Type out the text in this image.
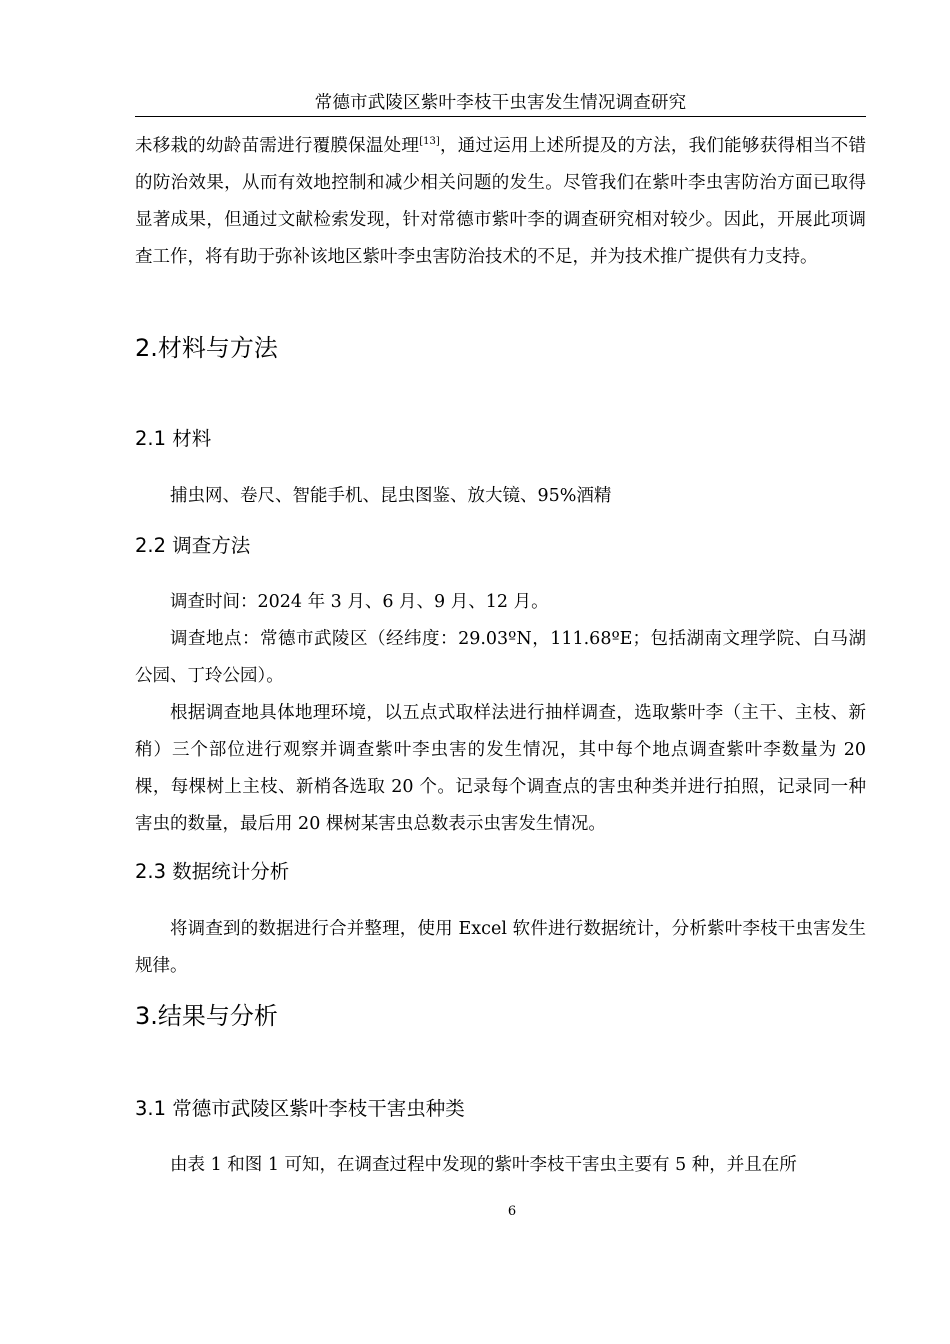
常德市武陵区紫叶李枝干虫害发生情况调查研究

未移栽的幼龄苗需进行覆膜保温处理[13]，通过运用上述所提及的方法，我们能够获得相当不错的防治效果，从而有效地控制和减少相关问题的发生。尽管我们在紫叶李虫害防治方面已取得显著成果，但通过文献检索发现，针对常德市紫叶李的调查研究相对较少。因此，开展此项调查工作，将有助于弥补该地区紫叶李虫害防治技术的不足，并为技术推广提供有力支持。

2.材料与方法
2.1 材料

捕虫网、卷尺、智能手机、昆虫图鉴、放大镜、95%酒精

2.2 调查方法

调查时间：2024 年 3 月、6 月、9 月、12 月。

调查地点：常德市武陵区（经纬度：29.03ºN，111.68ºE；包括湖南文理学院、白马湖公园、丁玲公园）。

根据调查地具体地理环境，以五点式取样法进行抽样调查，选取紫叶李（主干、主枝、新稍）三个部位进行观察并调查紫叶李虫害的发生情况，其中每个地点调查紫叶李数量为 20 棵，每棵树上主枝、新梢各选取 20 个。记录每个调查点的害虫种类并进行拍照，记录同一种害虫的数量，最后用 20 棵树某害虫总数表示虫害发生情况。

2.3 数据统计分析

将调查到的数据进行合并整理，使用 Excel 软件进行数据统计，分析紫叶李枝干虫害发生规律。

3.结果与分析
3.1 常德市武陵区紫叶李枝干害虫种类

由表 1 和图 1 可知，在调查过程中发现的紫叶李枝干害虫主要有 5 种，并且在所

6
